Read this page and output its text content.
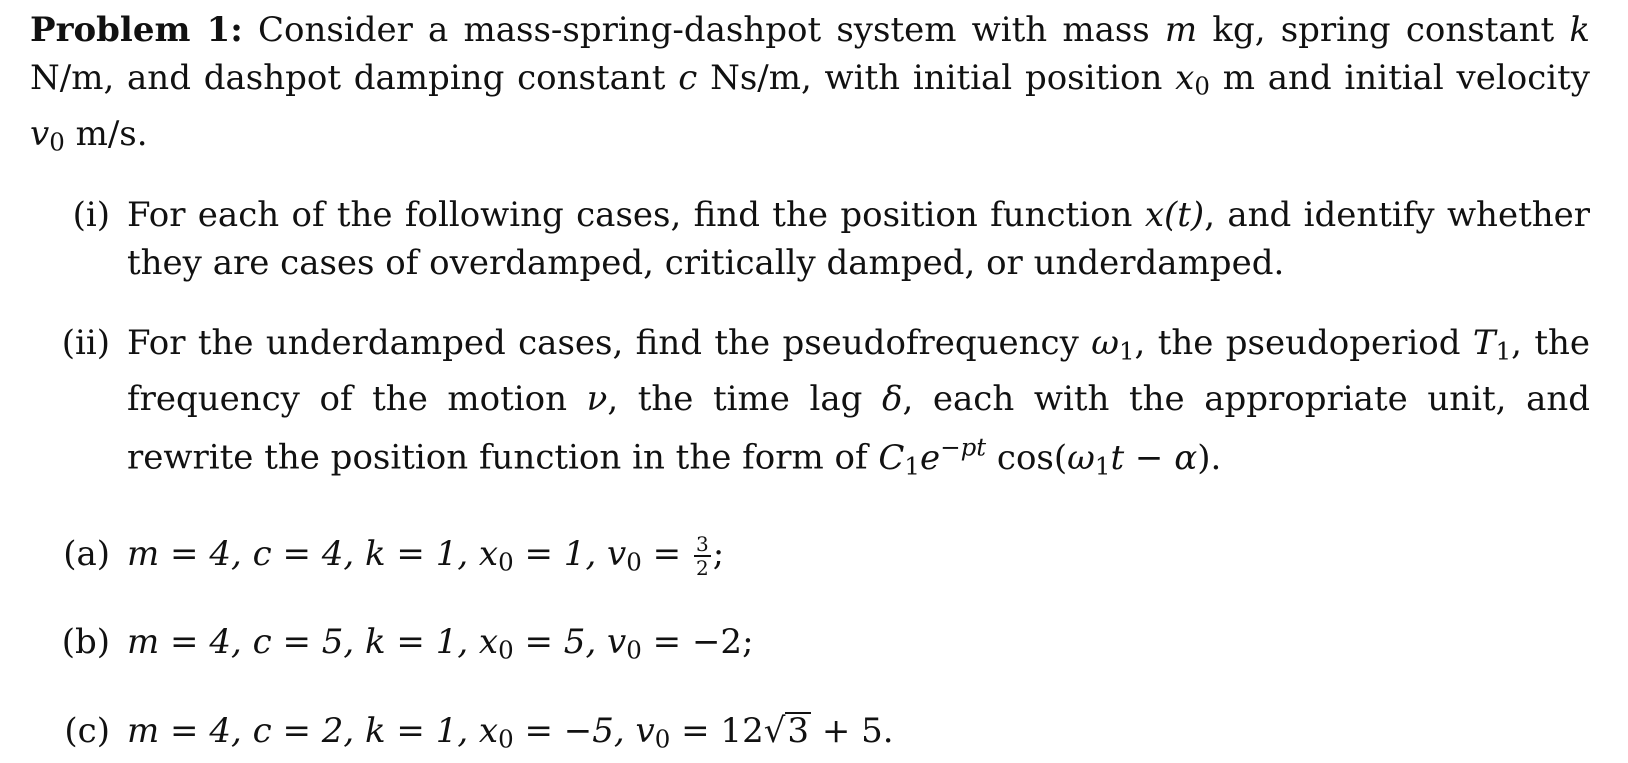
Problem 1: Consider a mass-spring-dashpot system with mass m kg, spring constant k N/m, and dashpot damping constant c Ns/m, with initial position $x_0$ m and initial velocity $v_0$ m/s.

(i) For each of the following cases, find the position function x(t), and identify whether they are cases of overdamped, critically damped, or underdamped.
(ii) For the underdamped cases, find the pseudofrequency $\omega_1$, the pseudoperiod $T_1$, the frequency of the motion ν, the time lag δ, each with the appropriate unit, and rewrite the position function in the form of $C_1e^{-pt}$ $\cos(\omega_1t - \alpha)$.
(a) m = 4, c = 4, k = 1, $x_0 = 1$, $v_0 = \frac{3}{2}$ ;
(b) m = 4, c = 5, k = 1, $x_0 = 5$, $v_0 = -2$;
(c) m = 4, c = 2, k = 1, $x_0 = -5$, $v_0 = 12√3 + 5$.
